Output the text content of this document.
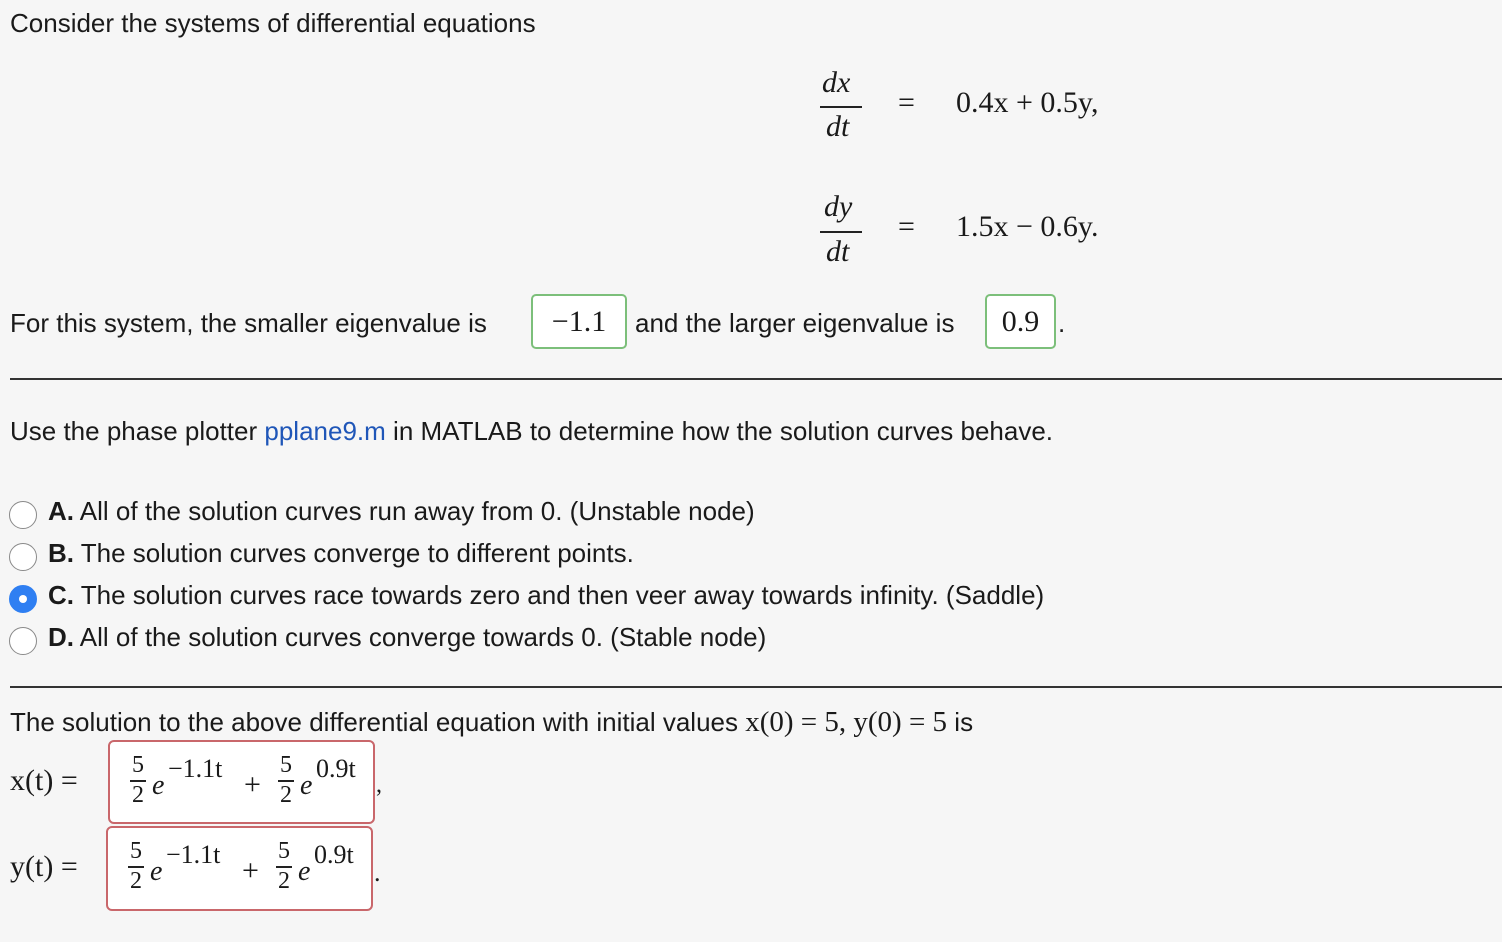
Consider the systems of differential equations
dx
dt
= 0.4x + 0.5y,
dy
dt
= 1.5x − 0.6y.
For this system, the smaller eigenvalue is	−1.1	and the larger eigenvalue is	0.9 .
Use the phase plotter pplane9.m in MATLAB to determine how the solution curves behave.
A. All of the solution curves run away from 0. (Unstable node)
B. The solution curves converge to different points.
C. The solution curves race towards zero and then veer away towards infinity. (Saddle)
D. All of the solution curves converge towards 0. (Stable node)
The solution to the above differential equation with initial values x(0) = 5, y(0) = 5 is
x(t) = 5
2 e
−1.1t +
5
2 e
0.9t
,
y(t) = 5
2 e
−1.1t +
5
2 e
0.9t
.
